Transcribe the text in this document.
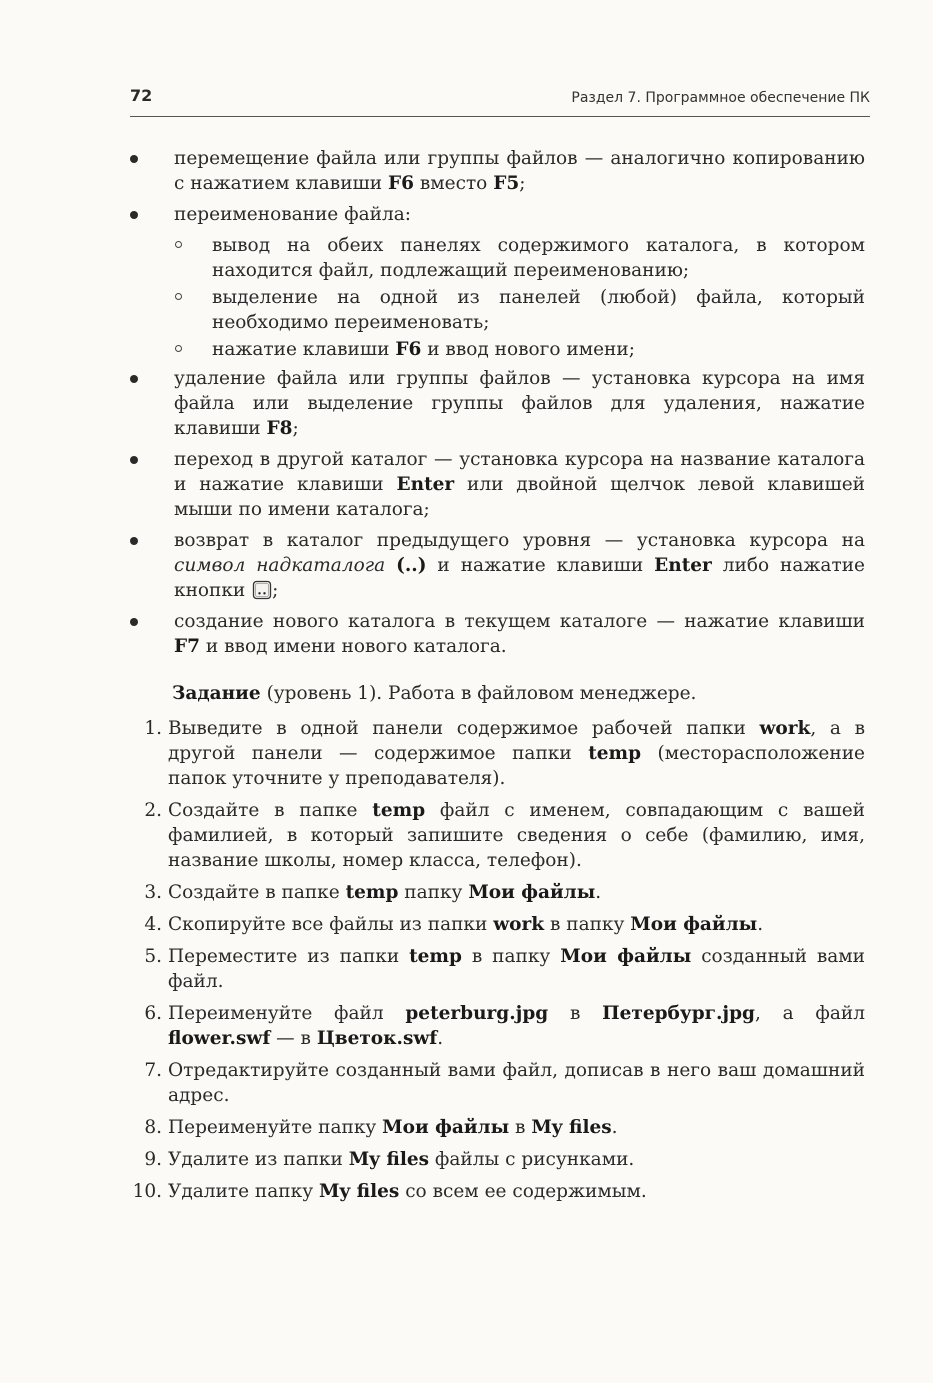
72	Раздел 7. Программное обеспечение ПК
перемещение файла или группы файлов — аналогично копированию с нажатием клавиши F6 вместо F5;
переименование файла:
вывод на обеих панелях содержимого каталога, в котором находится файл, подлежащий переименованию;
выделение на одной из панелей (любой) файла, который необходимо переименовать;
нажатие клавиши F6 и ввод нового имени;
удаление файла или группы файлов — установка курсора на имя файла или выделение группы файлов для удаления, нажатие клавиши F8;
переход в другой каталог — установка курсора на название каталога и нажатие клавиши Enter или двойной щелчок левой клавишей мыши по имени каталога;
возврат в каталог предыдущего уровня — установка курсора на символ надкаталога (..) и нажатие клавиши Enter либо нажатие кнопки ;
создание нового каталога в текущем каталоге — нажатие клавиши F7 и ввод имени нового каталога.
Задание (уровень 1). Работа в файловом менеджере.
1. Выведите в одной панели содержимое рабочей папки work, а в другой панели — содержимое папки temp (месторасположение папок уточните у преподавателя).
2. Создайте в папке temp файл с именем, совпадающим с вашей фамилией, в который запишите сведения о себе (фамилию, имя, название школы, номер класса, телефон).
3. Создайте в папке temp папку Мои файлы.
4. Скопируйте все файлы из папки work в папку Мои файлы.
5. Переместите из папки temp в папку Мои файлы созданный вами файл.
6. Переименуйте файл peterburg.jpg в Петербург.jpg, а файл flower.swf — в Цветок.swf.
7. Отредактируйте созданный вами файл, дописав в него ваш домашний адрес.
8. Переименуйте папку Мои файлы в My files.
9. Удалите из папки My files файлы с рисунками.
10. Удалите папку My files со всем ее содержимым.
